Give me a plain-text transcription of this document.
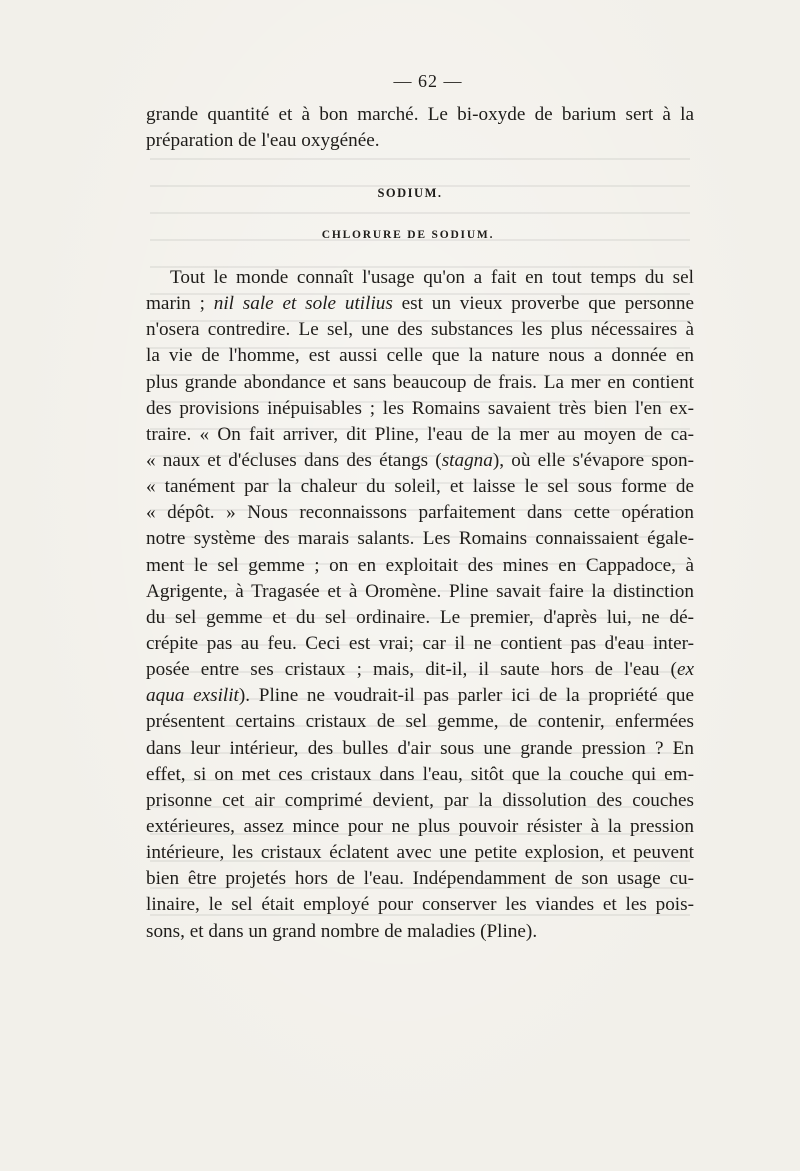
— 62 —
grande quantité et à bon marché. Le bi-oxyde de barium sert à la
préparation de l'eau oxygénée.
SODIUM.
CHLORURE DE SODIUM.
Tout le monde connaît l'usage qu'on a fait en tout temps du sel
marin ; nil sale et sole utilius est un vieux proverbe que personne
n'osera contredire. Le sel, une des substances les plus nécessaires à
la vie de l'homme, est aussi celle que la nature nous a donnée en
plus grande abondance et sans beaucoup de frais. La mer en contient
des provisions inépuisables ; les Romains savaient très bien l'en ex-
traire. « On fait arriver, dit Pline, l'eau de la mer au moyen de ca-
« naux et d'écluses dans des étangs (stagna), où elle s'évapore spon-
« tanément par la chaleur du soleil, et laisse le sel sous forme de
« dépôt. » Nous reconnaissons parfaitement dans cette opération
notre système des marais salants. Les Romains connaissaient égale-
ment le sel gemme ; on en exploitait des mines en Cappadoce, à
Agrigente, à Tragasée et à Oromène. Pline savait faire la distinction
du sel gemme et du sel ordinaire. Le premier, d'après lui, ne dé-
crépite pas au feu. Ceci est vrai; car il ne contient pas d'eau inter-
posée entre ses cristaux ; mais, dit-il, il saute hors de l'eau (ex
aqua exsilit). Pline ne voudrait-il pas parler ici de la propriété que
présentent certains cristaux de sel gemme, de contenir, enfermées
dans leur intérieur, des bulles d'air sous une grande pression ? En
effet, si on met ces cristaux dans l'eau, sitôt que la couche qui em-
prisonne cet air comprimé devient, par la dissolution des couches
extérieures, assez mince pour ne plus pouvoir résister à la pression
intérieure, les cristaux éclatent avec une petite explosion, et peuvent
bien être projetés hors de l'eau. Indépendamment de son usage cu-
linaire, le sel était employé pour conserver les viandes et les pois-
sons, et dans un grand nombre de maladies (Pline).
